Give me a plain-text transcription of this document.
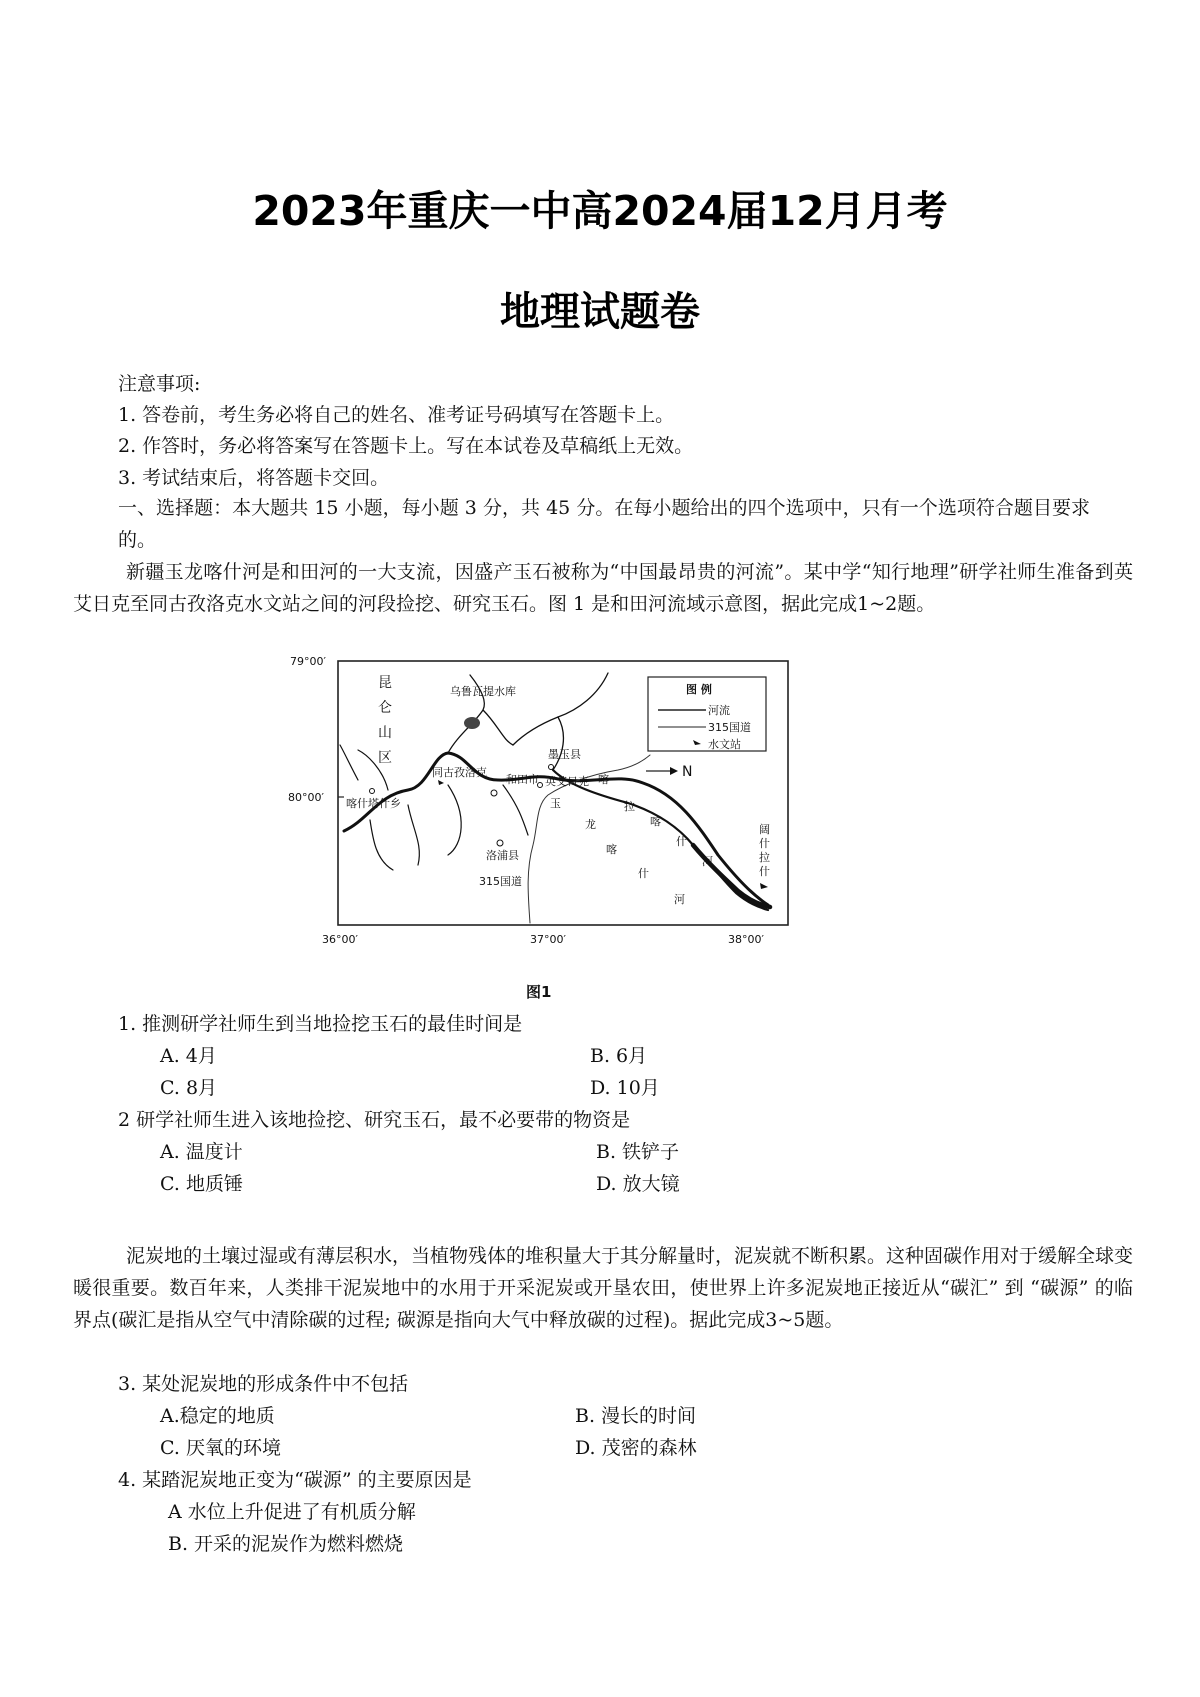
2023年重庆一中高2024届12月月考
地理试题卷
注意事项:
1. 答卷前，考生务必将自己的姓名、准考证号码填写在答题卡上。
2. 作答时，务必将答案写在答题卡上。写在本试卷及草稿纸上无效。
3. 考试结束后，将答题卡交回。
一、选择题：本大题共 15 小题，每小题 3 分，共 45 分。在每小题给出的四个选项中，只有一个选项符合题目要求的。
新疆玉龙喀什河是和田河的一大支流，因盛产玉石被称为“中国最昂贵的河流”。某中学“知行地理”研学社师生准备到英艾日克至同古孜洛克水文站之间的河段捡挖、研究玉石。图 1 是和田河流域示意图，据此完成1~2题。
79°00′
80°00′
36°00′	37°00′	38°00′
图 例
河流
315国道
水文站
N
昆
仑
山
区
乌鲁瓦提水库
墨玉县
同古孜洛克
和田市 英艾日克
喀什塔什乡
洛浦县
315国道
喀
拉
喀
什
河
玉
龙
喀
什
河
阔
什
拉
什
图1
1. 推测研学社师生到当地捡挖玉石的最佳时间是
A. 4月	B. 6月
C. 8月	D. 10月
2 研学社师生进入该地捡挖、研究玉石，最不必要带的物资是
A. 温度计	B. 铁铲子
C. 地质锤	D. 放大镜
泥炭地的土壤过湿或有薄层积水，当植物残体的堆积量大于其分解量时，泥炭就不断积累。这种固碳作用对于缓解全球变暖很重要。数百年来，人类排干泥炭地中的水用于开采泥炭或开垦农田，使世界上许多泥炭地正接近从“碳汇” 到 “碳源” 的临界点(碳汇是指从空气中清除碳的过程; 碳源是指向大气中释放碳的过程)。据此完成3~5题。
3. 某处泥炭地的形成条件中不包括
A.稳定的地质	B. 漫长的时间
C. 厌氧的环境	D. 茂密的森林
4. 某踏泥炭地正变为“碳源” 的主要原因是
A 水位上升促进了有机质分解
B. 开采的泥炭作为燃料燃烧
